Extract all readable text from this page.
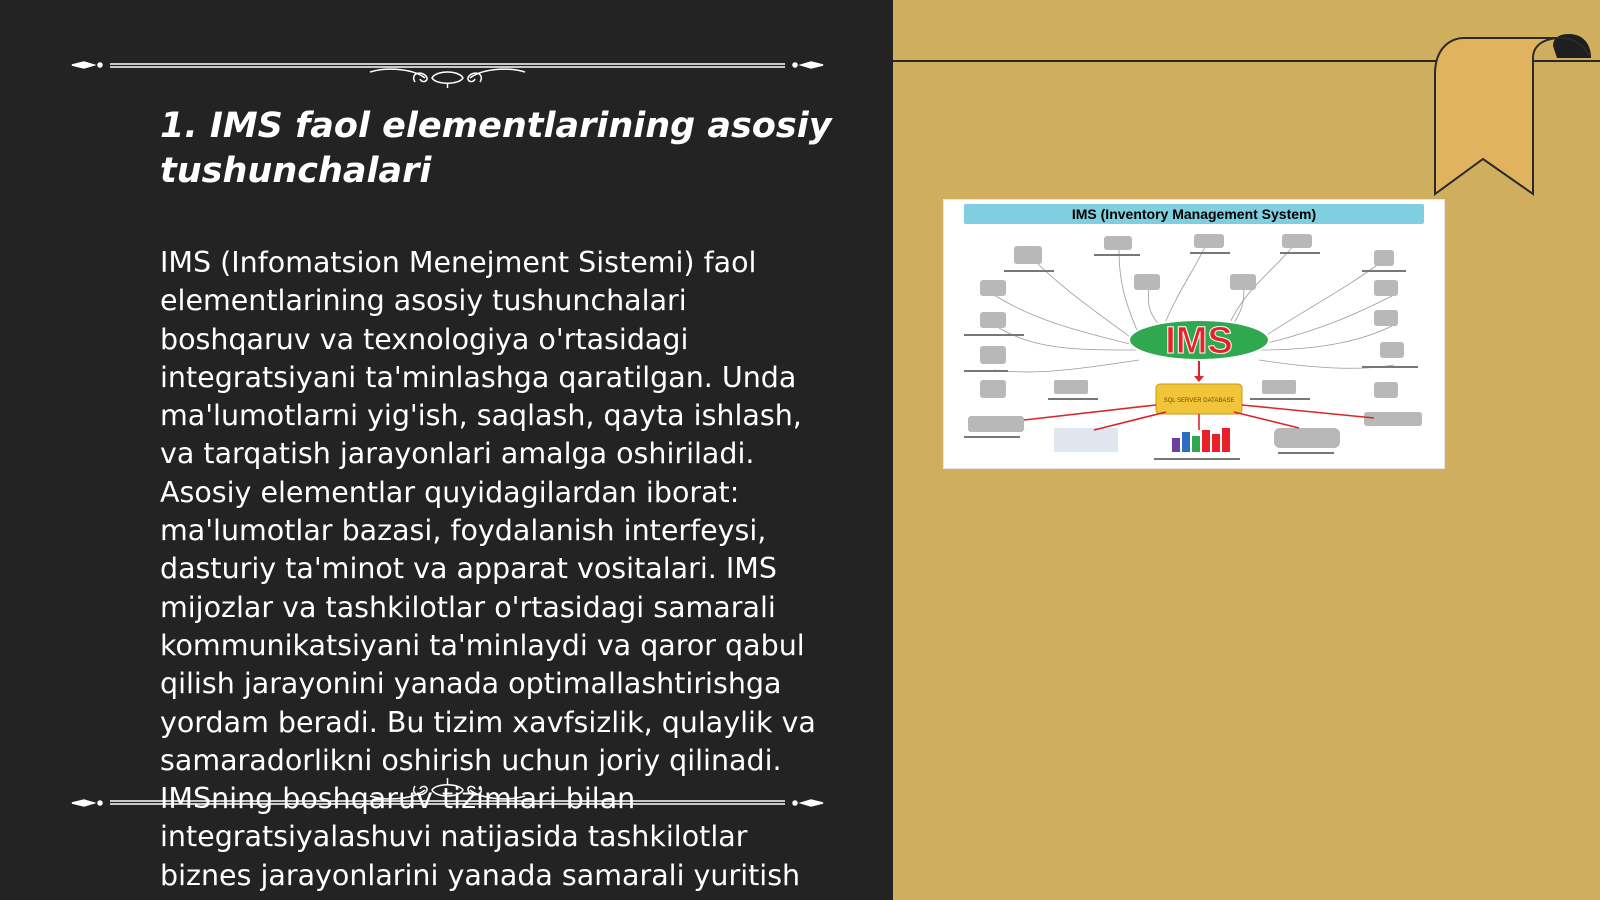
1. IMS faol elementlarining asosiy tushunchalari

IMS (Infomatsion Menejment Sistemi) faol
elementlarining asosiy tushunchalari
boshqaruv va texnologiya o'rtasidagi
integratsiyani ta'minlashga qaratilgan. Unda
ma'lumotlarni yig'ish, saqlash, qayta ishlash,
va tarqatish jarayonlari amalga oshiriladi.
Asosiy elementlar quyidagilardan iborat:
ma'lumotlar bazasi, foydalanish interfeysi,
dasturiy ta'minot va apparat vositalari. IMS
mijozlar va tashkilotlar o'rtasidagi samarali
kommunikatsiyani ta'minlaydi va qaror qabul
qilish jarayonini yanada optimallashtirishga
yordam beradi. Bu tizim xavfsizlik, qulaylik va
samaradorlikni oshirish uchun joriy qilinadi.
IMSning boshqaruv tizimlari bilan
integratsiyalashuvi natijasida tashkilotlar
biznes jarayonlarini yanada samarali yuritish

IMS (Inventory Management System)
IMS
SQL SERVER DATABASE
